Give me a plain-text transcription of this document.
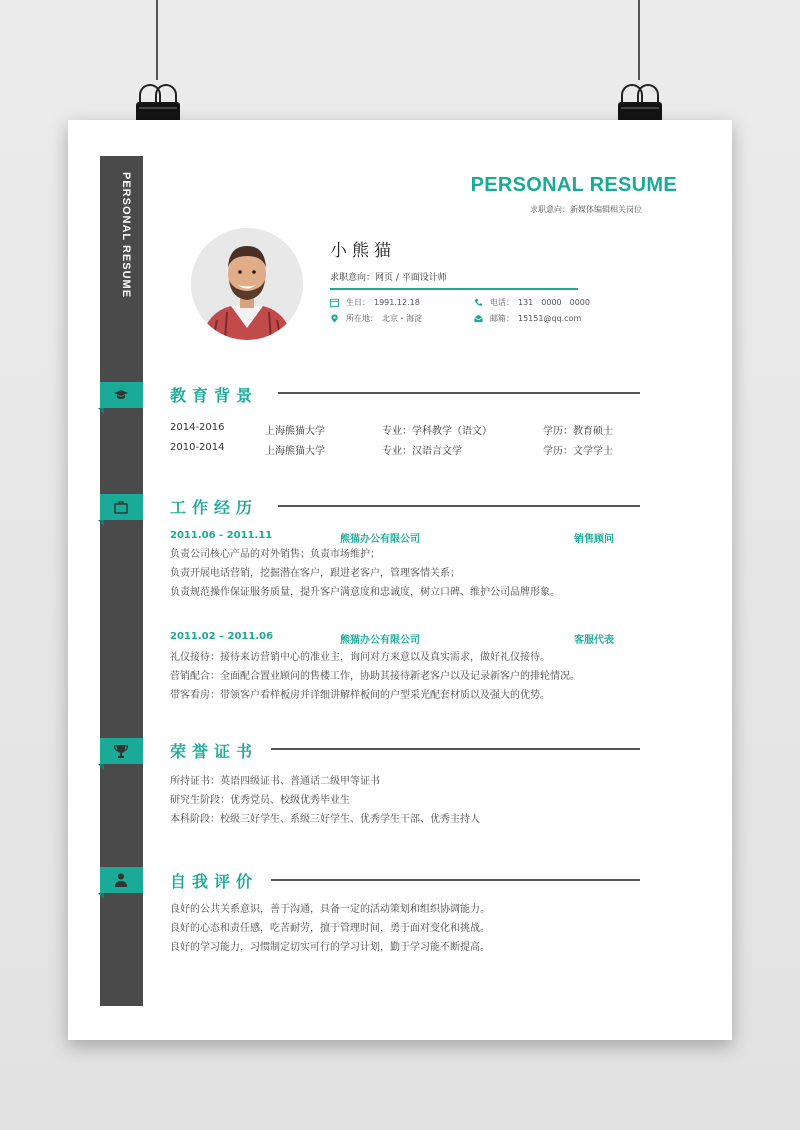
PERSONAL RESUME	PERSONAL RESUME
求职意向：新媒体编辑相关岗位
小熊猫
求职意向：网页 / 平面设计师
生日： 1991.12.18	电话： 131　0000　0000
所在地： 北京・海淀	邮箱： 15151@qq.com
教育背景
2014-2016	上海熊猫大学	专业：学科教学（语文）	学历：教育硕士
2010-2014	上海熊猫大学	专业：汉语言文学	学历：文学学士
工作经历
2011.06 - 2011.11	熊猫办公有限公司	销售顾问
负责公司核心产品的对外销售；负责市场维护；
负责开展电话营销，挖掘潜在客户，跟进老客户，管理客情关系；
负责规范操作保证服务质量，提升客户满意度和忠诚度，树立口碑、维护公司品牌形象。
2011.02 – 2011.06	熊猫办公有限公司	客服代表
礼仪接待：接待来访营销中心的准业主，询问对方来意以及真实需求，做好礼仪接待。
营销配合：全面配合置业顾问的售楼工作，协助其接待新老客户以及记录新客户的排轮情况。
带客看房：带领客户看样板房并详细讲解样板间的户型采光配套材质以及强大的优势。
荣誉证书
所持证书：英语四级证书、普通话二级甲等证书
研究生阶段：优秀党员、校级优秀毕业生
本科阶段：校级三好学生、系级三好学生、优秀学生干部、优秀主持人
自我评价
良好的公共关系意识，善于沟通，具备一定的活动策划和组织协调能力。
良好的心态和责任感，吃苦耐劳，擅于管理时间，勇于面对变化和挑战。
良好的学习能力，习惯制定切实可行的学习计划，勤于学习能不断提高。
